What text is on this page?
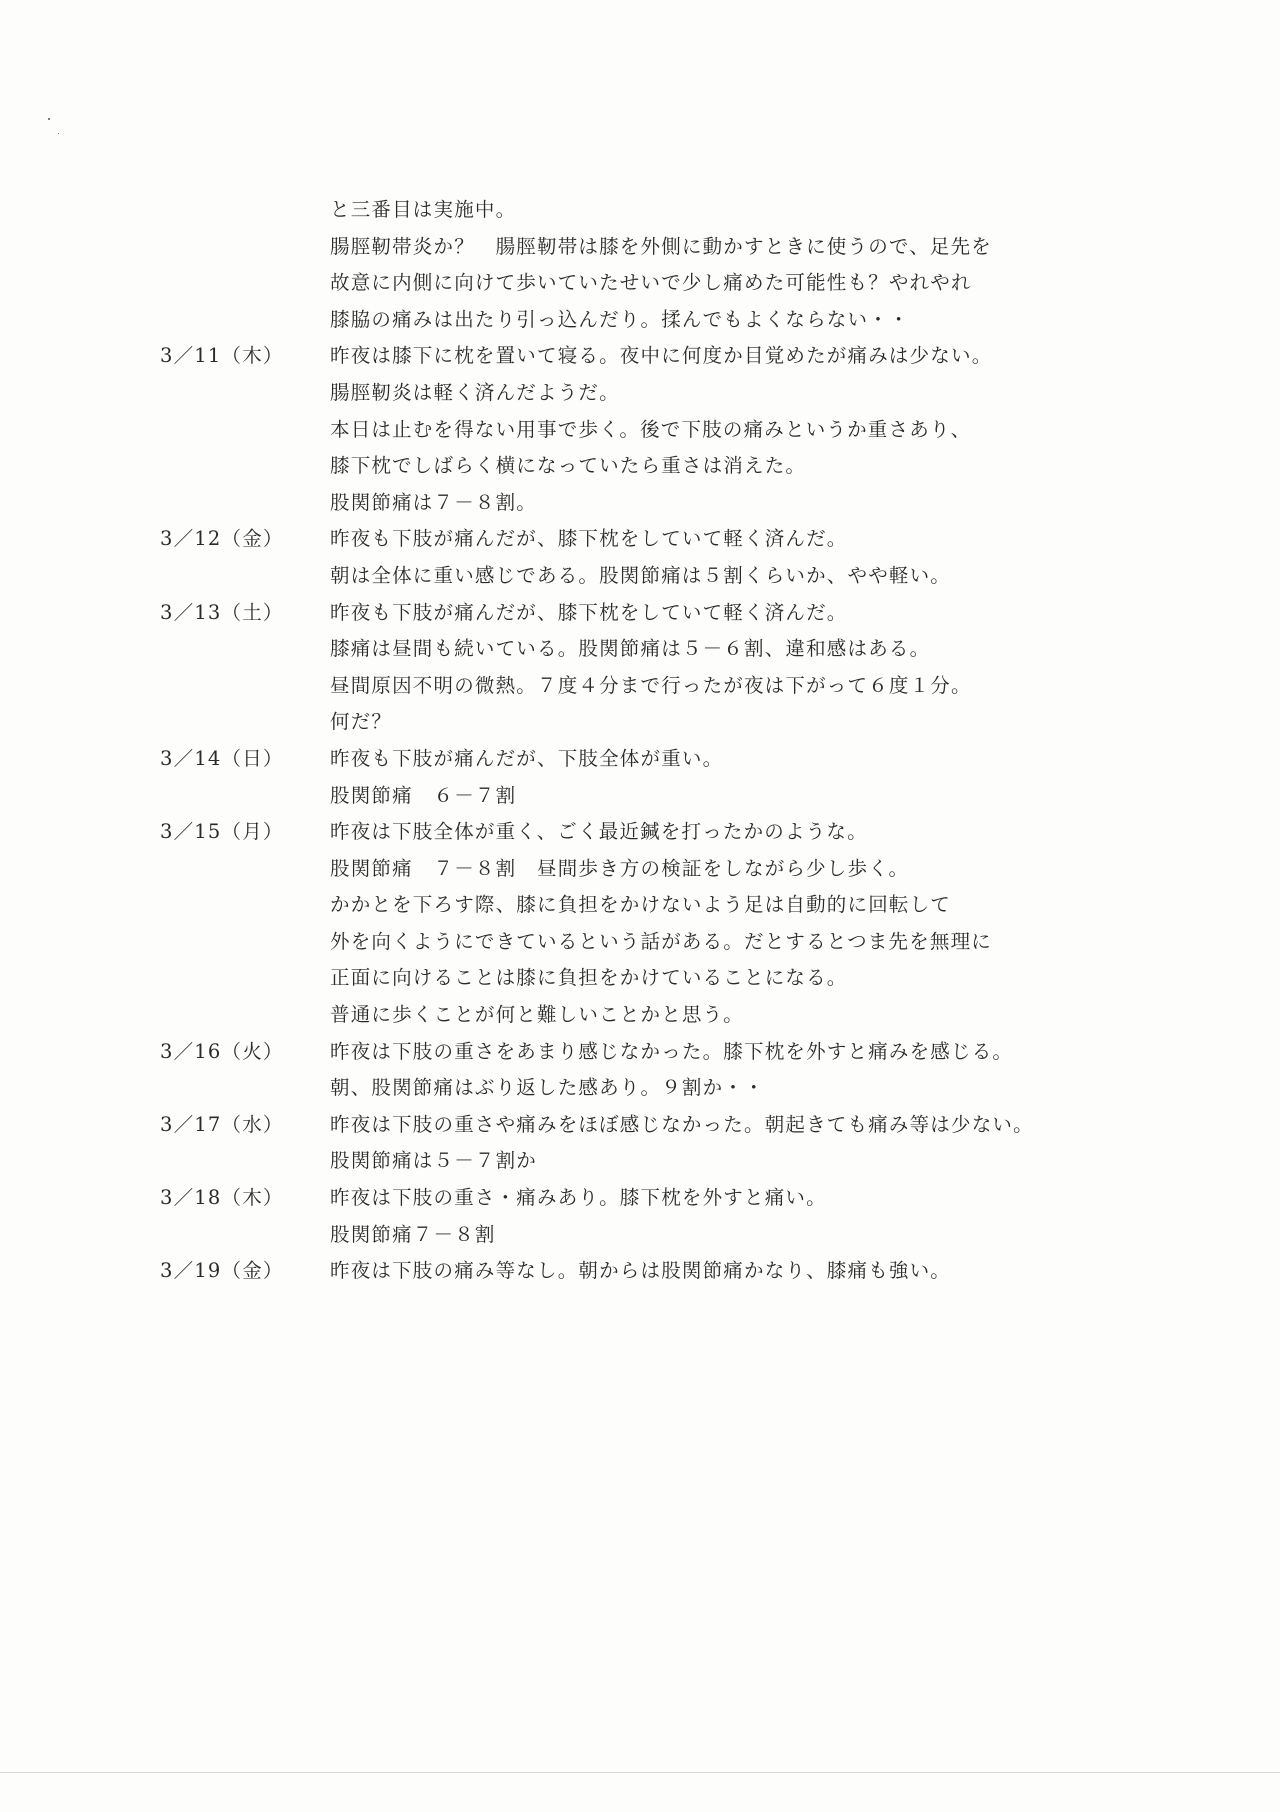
と三番目は実施中。
腸脛靭帯炎か？　腸脛靭帯は膝を外側に動かすときに使うので、足先を
故意に内側に向けて歩いていたせいで少し痛めた可能性も？やれやれ
膝脇の痛みは出たり引っ込んだり。揉んでもよくならない・・
3／11（木）	昨夜は膝下に枕を置いて寝る。夜中に何度か目覚めたが痛みは少ない。
腸脛靭炎は軽く済んだようだ。
本日は止むを得ない用事で歩く。後で下肢の痛みというか重さあり、
膝下枕でしばらく横になっていたら重さは消えた。
股関節痛は７－８割。
3／12（金）	昨夜も下肢が痛んだが、膝下枕をしていて軽く済んだ。
朝は全体に重い感じである。股関節痛は５割くらいか、やや軽い。
3／13（土）	昨夜も下肢が痛んだが、膝下枕をしていて軽く済んだ。
膝痛は昼間も続いている。股関節痛は５－６割、違和感はある。
昼間原因不明の微熱。７度４分まで行ったが夜は下がって６度１分。
何だ？
3／14（日）	昨夜も下肢が痛んだが、下肢全体が重い。
股関節痛　６－７割
3／15（月）	昨夜は下肢全体が重く、ごく最近鍼を打ったかのような。
股関節痛　７－８割　昼間歩き方の検証をしながら少し歩く。
かかとを下ろす際、膝に負担をかけないよう足は自動的に回転して
外を向くようにできているという話がある。だとするとつま先を無理に
正面に向けることは膝に負担をかけていることになる。
普通に歩くことが何と難しいことかと思う。
3／16（火）	昨夜は下肢の重さをあまり感じなかった。膝下枕を外すと痛みを感じる。
朝、股関節痛はぶり返した感あり。９割か・・
3／17（水）	昨夜は下肢の重さや痛みをほぼ感じなかった。朝起きても痛み等は少ない。
股関節痛は５－７割か
3／18（木）	昨夜は下肢の重さ・痛みあり。膝下枕を外すと痛い。
股関節痛７－８割
3／19（金）	昨夜は下肢の痛み等なし。朝からは股関節痛かなり、膝痛も強い。
